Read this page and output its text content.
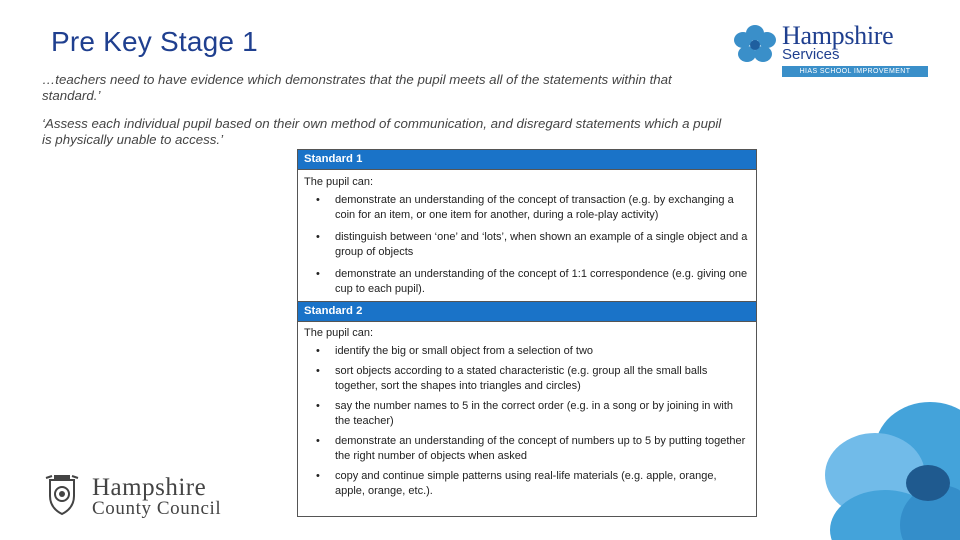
Pre Key Stage 1
…teachers need to have evidence which demonstrates that the pupil meets all of the statements within that standard.’
‘Assess each individual pupil based on their own method of communication, and disregard statements which a pupil is physically unable to access.’
Hampshire
Services
HIAS SCHOOL IMPROVEMENT
Hampshire
County Council
Standard 1
The pupil can:
• demonstrate an understanding of the concept of transaction (e.g. by exchanging a coin for an item, or one item for another, during a role-play activity)
• distinguish between ‘one’ and ‘lots’, when shown an example of a single object and a group of objects
• demonstrate an understanding of the concept of 1:1 correspondence (e.g. giving one cup to each pupil).
Standard 2
The pupil can:
• identify the big or small object from a selection of two
• sort objects according to a stated characteristic (e.g. group all the small balls together, sort the shapes into triangles and circles)
• say the number names to 5 in the correct order (e.g. in a song or by joining in with the teacher)
• demonstrate an understanding of the concept of numbers up to 5 by putting together the right number of objects when asked
• copy and continue simple patterns using real-life materials (e.g. apple, orange, apple, orange, etc.).
